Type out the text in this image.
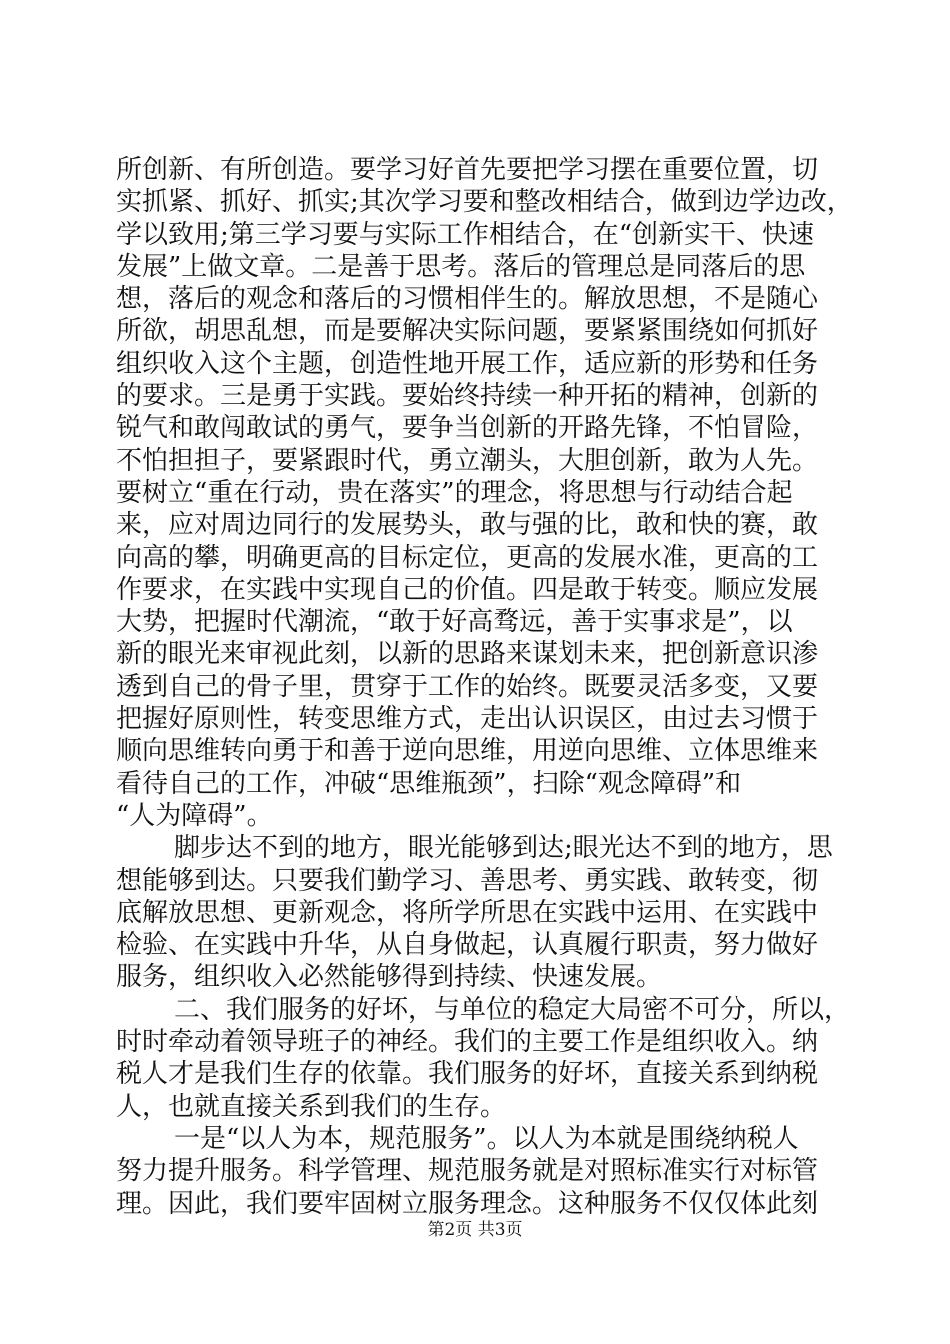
所创新、有所创造。要学习好首先要把学习摆在重要位置，切
实抓紧、抓好、抓实;其次学习要和整改相结合，做到边学边改，
学以致用;第三学习要与实际工作相结合，在“创新实干、快速
发展”上做文章。二是善于思考。落后的管理总是同落后的思
想，落后的观念和落后的习惯相伴生的。解放思想，不是随心
所欲，胡思乱想，而是要解决实际问题，要紧紧围绕如何抓好
组织收入这个主题，创造性地开展工作，适应新的形势和任务
的要求。三是勇于实践。要始终持续一种开拓的精神，创新的
锐气和敢闯敢试的勇气，要争当创新的开路先锋，不怕冒险，
不怕担担子，要紧跟时代，勇立潮头，大胆创新，敢为人先。
要树立“重在行动，贵在落实”的理念，将思想与行动结合起
来，应对周边同行的发展势头，敢与强的比，敢和快的赛，敢
向高的攀，明确更高的目标定位，更高的发展水准，更高的工
作要求，在实践中实现自己的价值。四是敢于转变。顺应发展
大势，把握时代潮流，“敢于好高骛远，善于实事求是”，以
新的眼光来审视此刻，以新的思路来谋划未来，把创新意识渗
透到自己的骨子里，贯穿于工作的始终。既要灵活多变，又要
把握好原则性，转变思维方式，走出认识误区，由过去习惯于
顺向思维转向勇于和善于逆向思维，用逆向思维、立体思维来
看待自己的工作，冲破“思维瓶颈”，扫除“观念障碍”和
“人为障碍”。
脚步达不到的地方，眼光能够到达;眼光达不到的地方，思
想能够到达。只要我们勤学习、善思考、勇实践、敢转变，彻
底解放思想、更新观念，将所学所思在实践中运用、在实践中
检验、在实践中升华，从自身做起，认真履行职责，努力做好
服务，组织收入必然能够得到持续、快速发展。
二、我们服务的好坏，与单位的稳定大局密不可分，所以，
时时牵动着领导班子的神经。我们的主要工作是组织收入。纳
税人才是我们生存的依靠。我们服务的好坏，直接关系到纳税
人，也就直接关系到我们的生存。
一是“以人为本，规范服务”。以人为本就是围绕纳税人
努力提升服务。科学管理、规范服务就是对照标准实行对标管
理。因此，我们要牢固树立服务理念。这种服务不仅仅体此刻
第2页 共3页
